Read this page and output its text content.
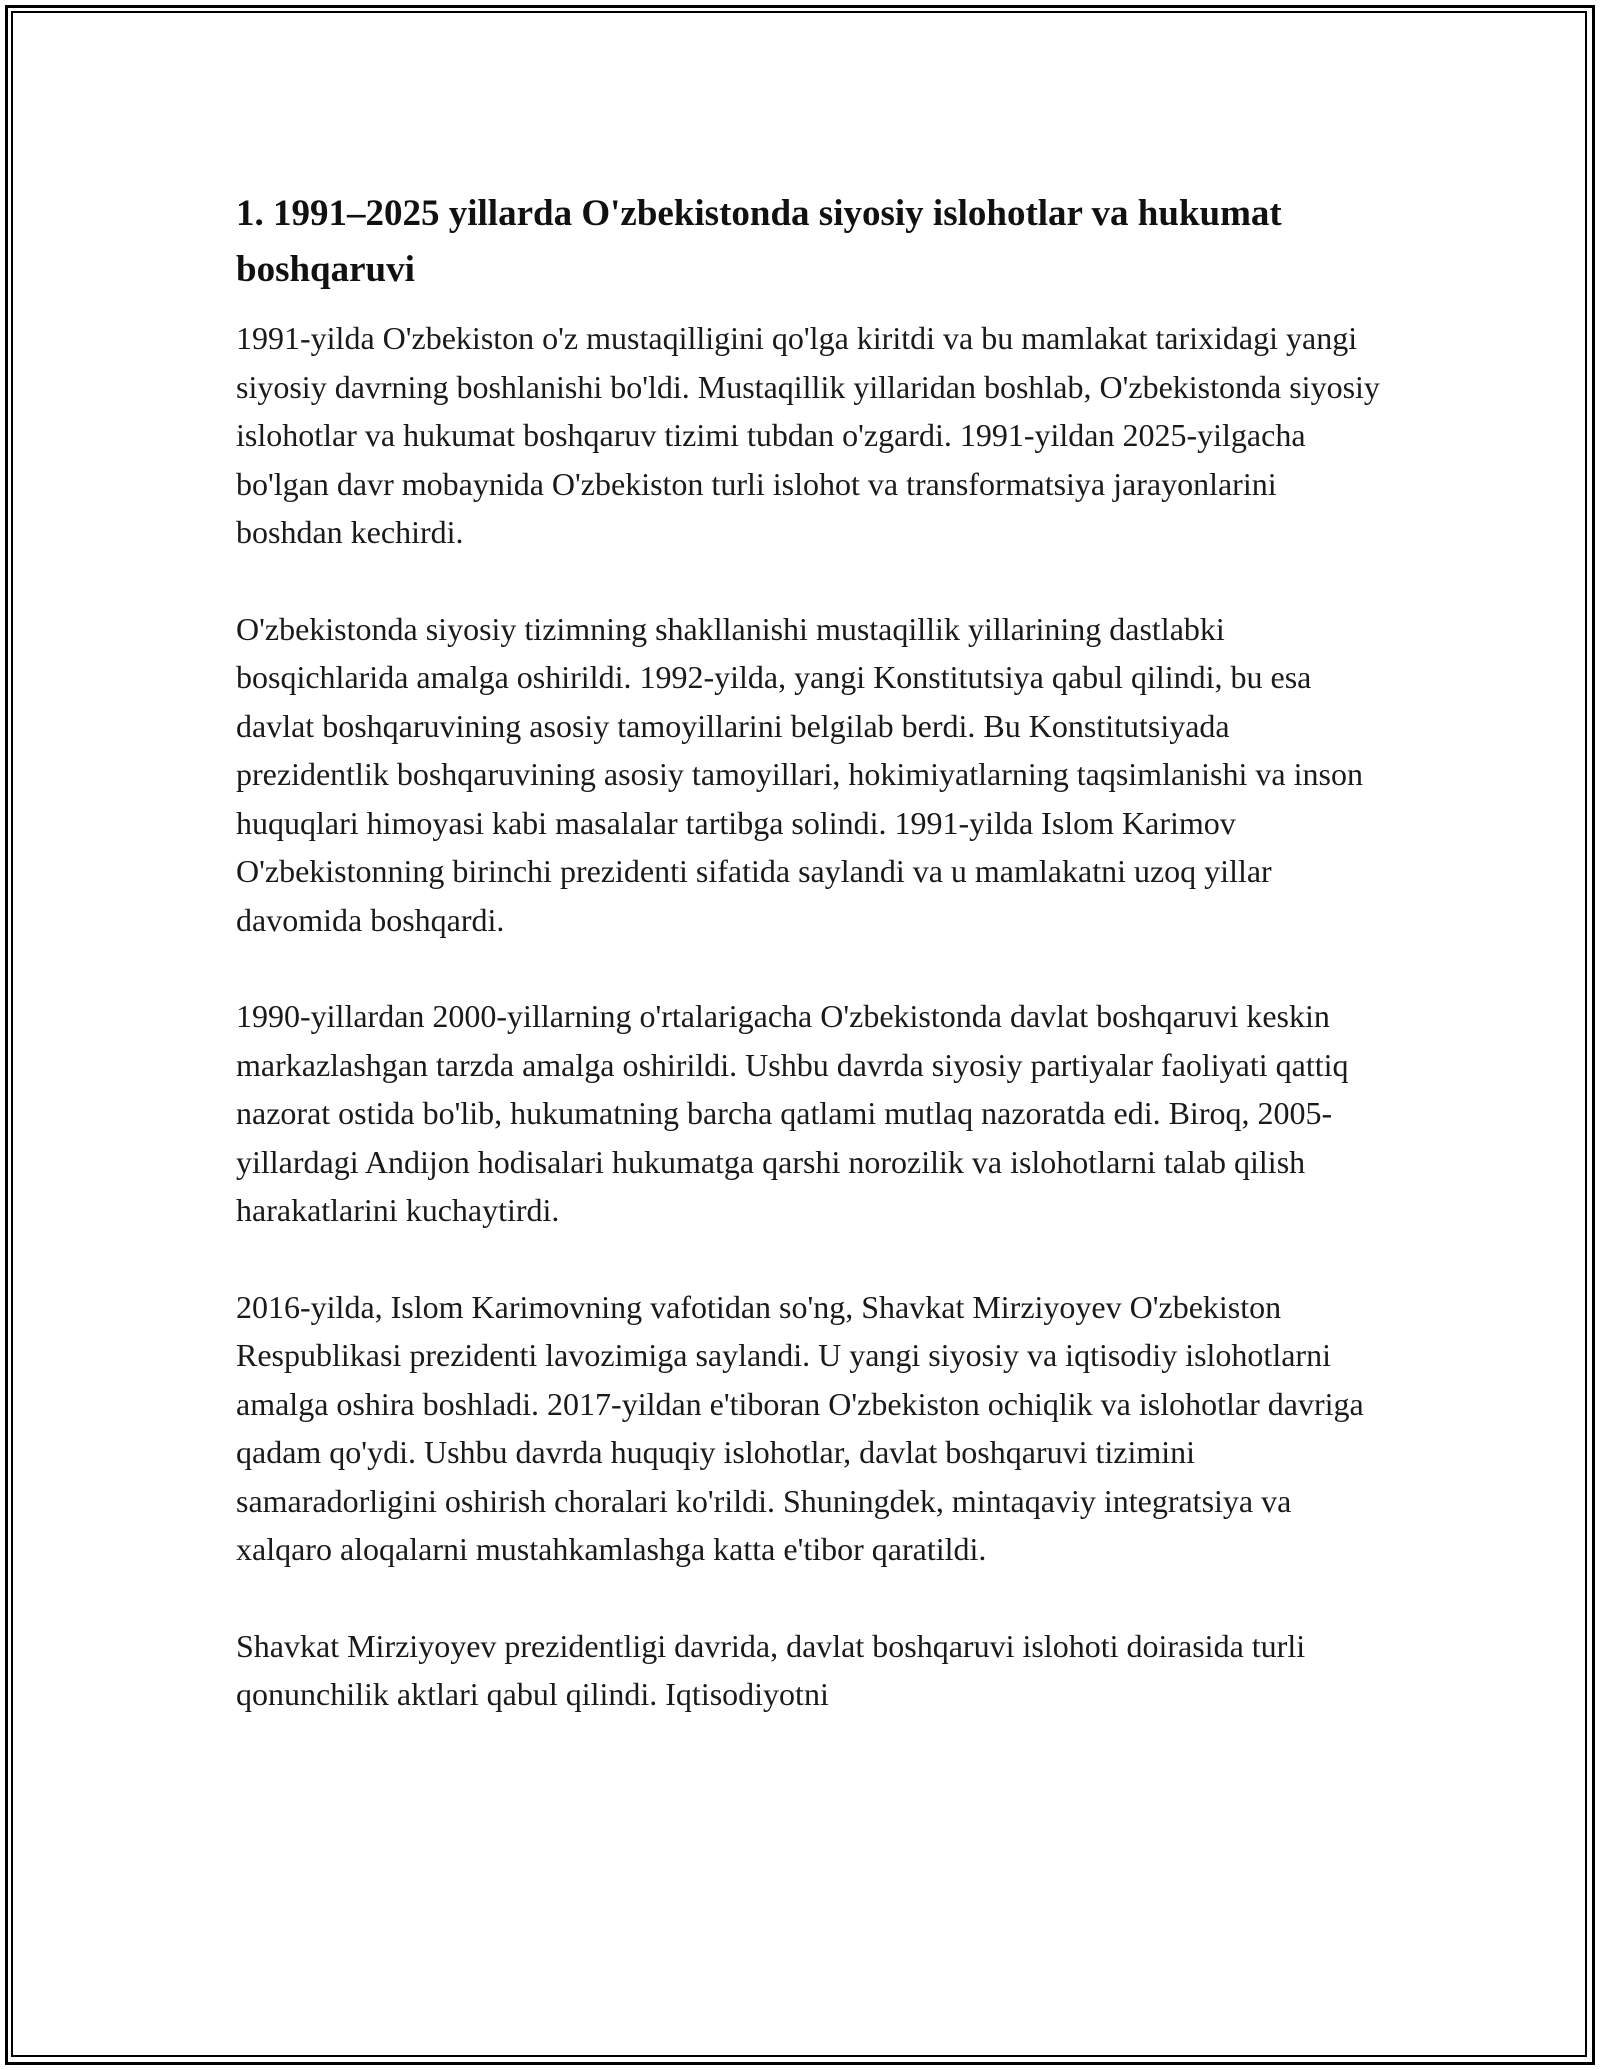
1. 1991–2025 yillarda O'zbekistonda siyosiy islohotlar va hukumat boshqaruvi

1991-yilda O'zbekiston o'z mustaqilligini qo'lga kiritdi va bu mamlakat tarixidagi yangi siyosiy davrning boshlanishi bo'ldi. Mustaqillik yillaridan boshlab, O'zbekistonda siyosiy islohotlar va hukumat boshqaruv tizimi tubdan o'zgardi. 1991-yildan 2025-yilgacha bo'lgan davr mobaynida O'zbekiston turli islohot va transformatsiya jarayonlarini boshdan kechirdi.

O'zbekistonda siyosiy tizimning shakllanishi mustaqillik yillarining dastlabki bosqichlarida amalga oshirildi. 1992-yilda, yangi Konstitutsiya qabul qilindi, bu esa davlat boshqaruvining asosiy tamoyillarini belgilab berdi. Bu Konstitutsiyada prezidentlik boshqaruvining asosiy tamoyillari, hokimiyatlarning taqsimlanishi va inson huquqlari himoyasi kabi masalalar tartibga solindi. 1991-yilda Islom Karimov O'zbekistonning birinchi prezidenti sifatida saylandi va u mamlakatni uzoq yillar davomida boshqardi.

1990-yillardan 2000-yillarning o'rtalarigacha O'zbekistonda davlat boshqaruvi keskin markazlashgan tarzda amalga oshirildi. Ushbu davrda siyosiy partiyalar faoliyati qattiq nazorat ostida bo'lib, hukumatning barcha qatlami mutlaq nazoratda edi. Biroq, 2005-yillardagi Andijon hodisalari hukumatga qarshi norozilik va islohotlarni talab qilish harakatlarini kuchaytirdi.

2016-yilda, Islom Karimovning vafotidan so'ng, Shavkat Mirziyoyev O'zbekiston Respublikasi prezidenti lavozimiga saylandi. U yangi siyosiy va iqtisodiy islohotlarni amalga oshira boshladi. 2017-yildan e'tiboran O'zbekiston ochiqlik va islohotlar davriga qadam qo'ydi. Ushbu davrda huquqiy islohotlar, davlat boshqaruvi tizimini samaradorligini oshirish choralari ko'rildi. Shuningdek, mintaqaviy integratsiya va xalqaro aloqalarni mustahkamlashga katta e'tibor qaratildi.

Shavkat Mirziyoyev prezidentligi davrida, davlat boshqaruvi islohoti doirasida turli qonunchilik aktlari qabul qilindi. Iqtisodiyotni
